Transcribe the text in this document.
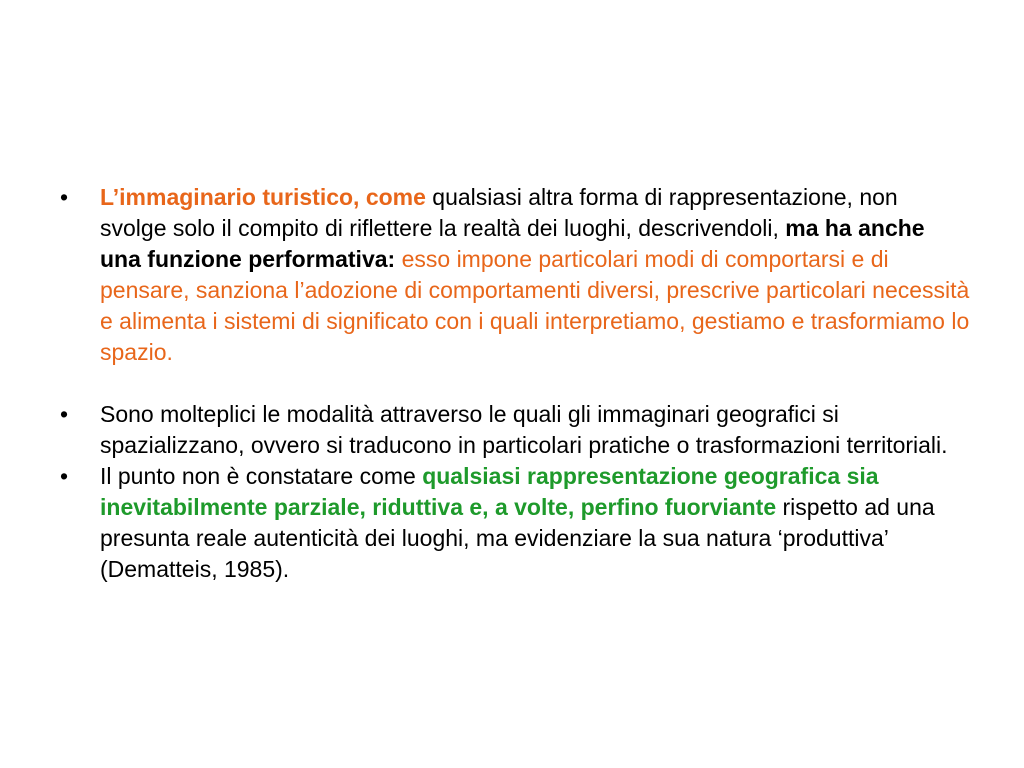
•	L’immaginario turistico, come qualsiasi altra forma di rappresentazione, non svolge solo il compito di riflettere la realtà dei luoghi, descrivendoli, ma ha anche una funzione performativa: esso impone particolari modi di comportarsi e di pensare, sanziona l’adozione di comportamenti diversi, prescrive particolari necessità e alimenta i sistemi di significato con i quali interpretiamo, gestiamo e trasformiamo lo spazio.
•	Sono molteplici le modalità attraverso le quali gli immaginari geografici si spazializzano, ovvero si traducono in particolari pratiche o trasformazioni territoriali.
•	Il punto non è constatare come qualsiasi rappresentazione geografica sia inevitabilmente parziale, riduttiva e, a volte, perfino fuorviante rispetto ad una presunta reale autenticità dei luoghi, ma evidenziare la sua natura ‘produttiva’ (Dematteis, 1985).
